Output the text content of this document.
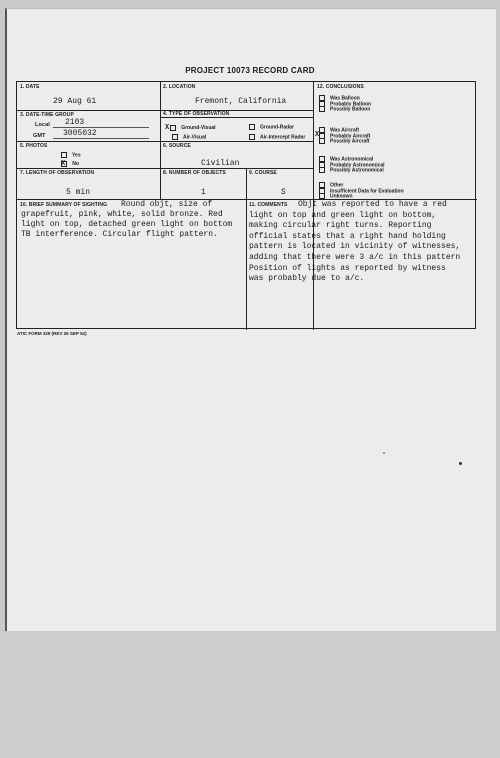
PROJECT 10073 RECORD CARD
1. DATE
29 Aug 61
2. LOCATION
Fremont, California
3. DATE-TIME GROUP
Local 2103
GMT 3005032
4. TYPE OF OBSERVATION
X Ground-Visual	Ground-Radar
Air-Visual	Air-Intercept Radar
5. PHOTOS
Yes
X No
6. SOURCE
Civilian
7. LENGTH OF OBSERVATION
5 min
8. NUMBER OF OBJECTS
1
9. COURSE
S
10. BRIEF SUMMARY OF SIGHTING	11. COMMENTS
12. CONCLUSIONS
Was Balloon
Probably Balloon
Possibly Balloon
Was Aircraft
X Probably Aircraft
Possibly Aircraft
Was Astronomical
Probably Astronomical
Possibly Astronomical
Other
Insufficient Data for Evaluation
Unknown
Round objt, size of
grapefruit, pink, white, solid bronze. Red
light on top, detached green light on bottom
TB interference. Circular flight pattern.
Objt was reported to have a red
light on top and green light on bottom,
making circular right turns. Reporting
official states that a right hand holding
pattern is located in vicinity of witnesses,
adding that there were 3 a/c in this pattern
Position of lights as reported by witness
was probably due to a/c.
ATIC FORM 329 (REV 26 SEP 52)
